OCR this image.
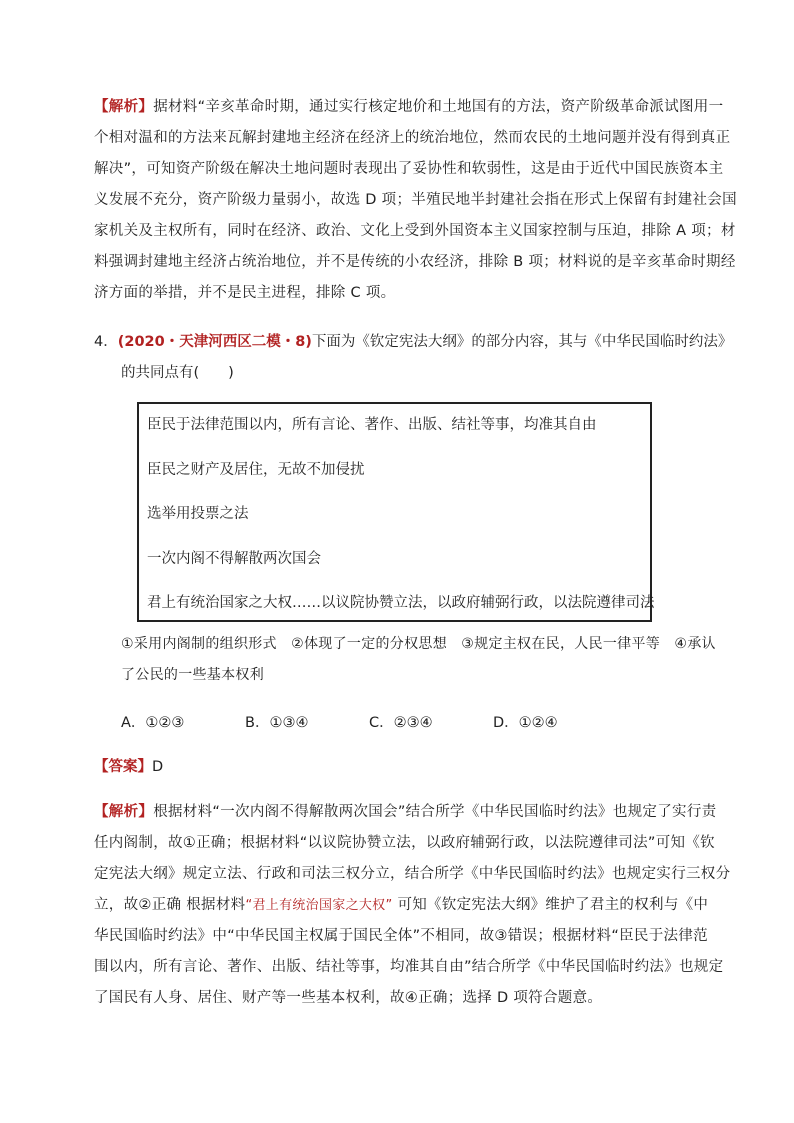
【解析】据材料“辛亥革命时期，通过实行核定地价和土地国有的方法，资产阶级革命派试图用一
个相对温和的方法来瓦解封建地主经济在经济上的统治地位，然而农民的土地问题并没有得到真正
解决”，可知资产阶级在解决土地问题时表现出了妥协性和软弱性，这是由于近代中国民族资本主
义发展不充分，资产阶级力量弱小，故选 D 项；半殖民地半封建社会指在形式上保留有封建社会国
家机关及主权所有，同时在经济、政治、文化上受到外国资本主义国家控制与压迫，排除 A 项；材
料强调封建地主经济占统治地位，并不是传统的小农经济，排除 B 项；材料说的是辛亥革命时期经
济方面的举措，并不是民主进程，排除 C 项。
4．(2020・天津河西区二模・8)下面为《钦定宪法大纲》的部分内容，其与《中华民国临时约法》
的共同点有(　　)
臣民于法律范围以内，所有言论、著作、出版、结社等事，均准其自由
臣民之财产及居住，无故不加侵扰
选举用投票之法
一次内阁不得解散两次国会
君上有统治国家之大权……以议院协赞立法，以政府辅弼行政，以法院遵律司法
①采用内阁制的组织形式　②体现了一定的分权思想　③规定主权在民，人民一律平等　④承认
了公民的一些基本权利
A．①②③	B．①③④	C．②③④	D．①②④
【答案】D
【解析】根据材料“一次内阁不得解散两次国会”结合所学《中华民国临时约法》也规定了实行责
任内阁制，故①正确；根据材料“以议院协赞立法，以政府辅弼行政，以法院遵律司法”可知《钦
定宪法大纲》规定立法、行政和司法三权分立，结合所学《中华民国临时约法》也规定实行三权分
立，故②正确 根据材料“君上有统治国家之大权” 可知《钦定宪法大纲》维护了君主的权利与《中
华民国临时约法》中“中华民国主权属于国民全体”不相同，故③错误；根据材料“臣民于法律范
围以内，所有言论、著作、出版、结社等事，均准其自由”结合所学《中华民国临时约法》也规定
了国民有人身、居住、财产等一些基本权利，故④正确；选择 D 项符合题意。
